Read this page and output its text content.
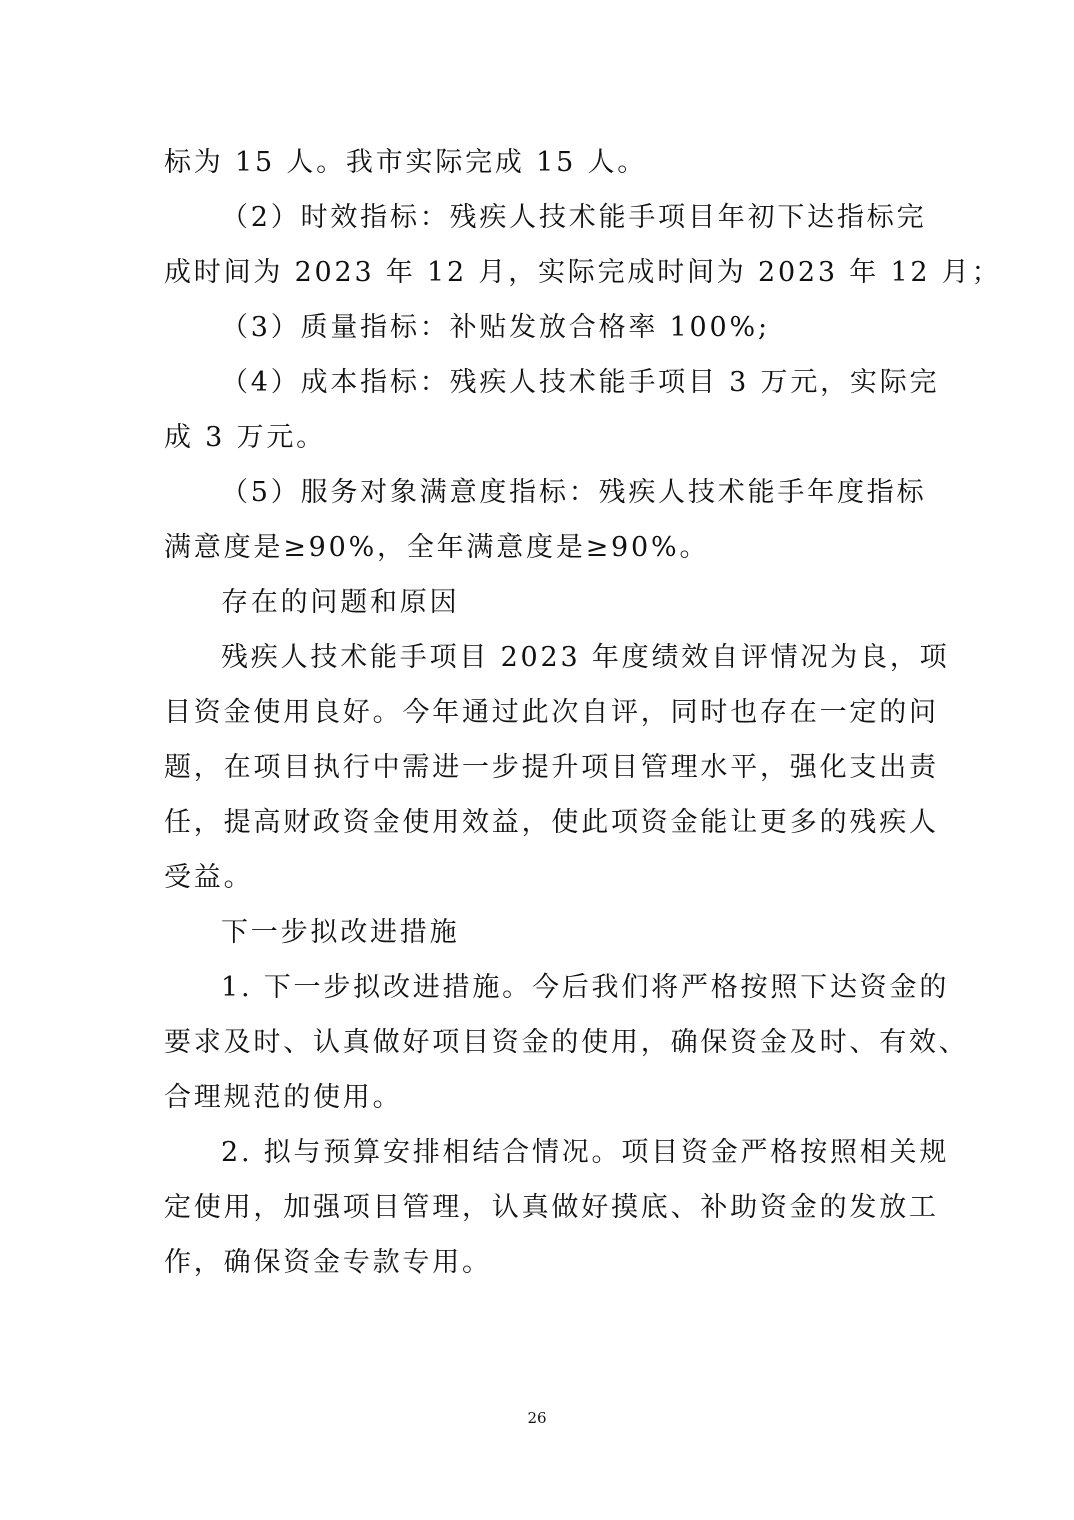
标为 15 人。我市实际完成 15 人。
（2）时效指标：残疾人技术能手项目年初下达指标完
成时间为 2023 年 12 月，实际完成时间为 2023 年 12 月；
（3）质量指标：补贴发放合格率 100%;
（4）成本指标：残疾人技术能手项目 3 万元，实际完
成 3 万元。
（5）服务对象满意度指标：残疾人技术能手年度指标
满意度是≥90%，全年满意度是≥90%。
存在的问题和原因
残疾人技术能手项目 2023 年度绩效自评情况为良，项
目资金使用良好。今年通过此次自评，同时也存在一定的问
题，在项目执行中需进一步提升项目管理水平，强化支出责
任，提高财政资金使用效益，使此项资金能让更多的残疾人
受益。
下一步拟改进措施
1. 下一步拟改进措施。今后我们将严格按照下达资金的
要求及时、认真做好项目资金的使用，确保资金及时、有效、
合理规范的使用。
2. 拟与预算安排相结合情况。项目资金严格按照相关规
定使用，加强项目管理，认真做好摸底、补助资金的发放工
作，确保资金专款专用。
26
